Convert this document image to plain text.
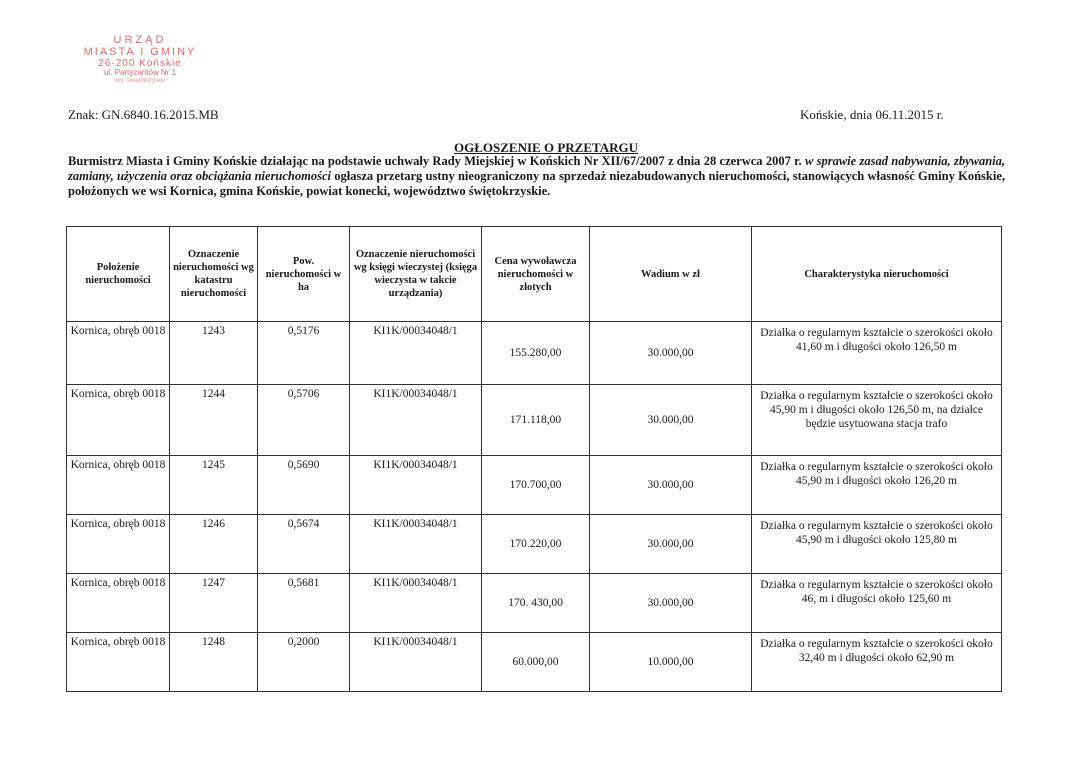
URZĄD
MIASTA I GMINY
26-200 Końskie
ul. Partyzantów Nr 1
woj. świętokrzyskie
Znak: GN.6840.16.2015.MB	Końskie, dnia 06.11.2015 r.
OGŁOSZENIE O PRZETARGU
Burmistrz Miasta i Gminy Końskie działając na podstawie uchwały Rady Miejskiej w Końskich Nr XII/67/2007 z dnia 28 czerwca 2007 r. w sprawie zasad nabywania, zbywania, zamiany, użyczenia oraz obciążania nieruchomości ogłasza przetarg ustny nieograniczony na sprzedaż niezabudowanych nieruchomości, stanowiących własność Gminy Końskie, położonych we wsi Kornica, gmina Końskie, powiat konecki, województwo świętokrzyskie.
Położenie nieruchomości	Oznaczenie nieruchomości wg katastru nieruchomości	Pow. nieruchomości w ha	Oznaczenie nieruchomości wg księgi wieczystej (księga wieczysta w takcie urządzania)	Cena wywoławcza nieruchomości w złotych	Wadium w zł	Charakterystyka nieruchomości
Kornica, obręb 0018	1243	0,5176	KI1K/00034048/1	155.280,00	30.000,00	Działka o regularnym kształcie o szerokości około 41,60 m i długości około 126,50 m
Kornica, obręb 0018	1244	0,5706	KI1K/00034048/1	171.118,00	30.000,00	Działka o regularnym kształcie o szerokości około 45,90 m i długości około 126,50 m, na działce będzie usytuowana stacja trafo
Kornica, obręb 0018	1245	0,5690	KI1K/00034048/1	170.700,00	30.000,00	Działka o regularnym kształcie o szerokości około 45,90 m i długości około 126,20 m
Kornica, obręb 0018	1246	0,5674	KI1K/00034048/1	170.220,00	30.000,00	Działka o regularnym kształcie o szerokości około 45,90 m i długości około 125,80 m
Kornica, obręb 0018	1247	0,5681	KI1K/00034048/1	170. 430,00	30.000,00	Działka o regularnym kształcie o szerokości około 46, m i długości około 125,60 m
Kornica, obręb 0018	1248	0,2000	KI1K/00034048/1	60.000,00	10.000,00	Działka o regularnym kształcie o szerokości około 32,40 m i długości około 62,90 m
